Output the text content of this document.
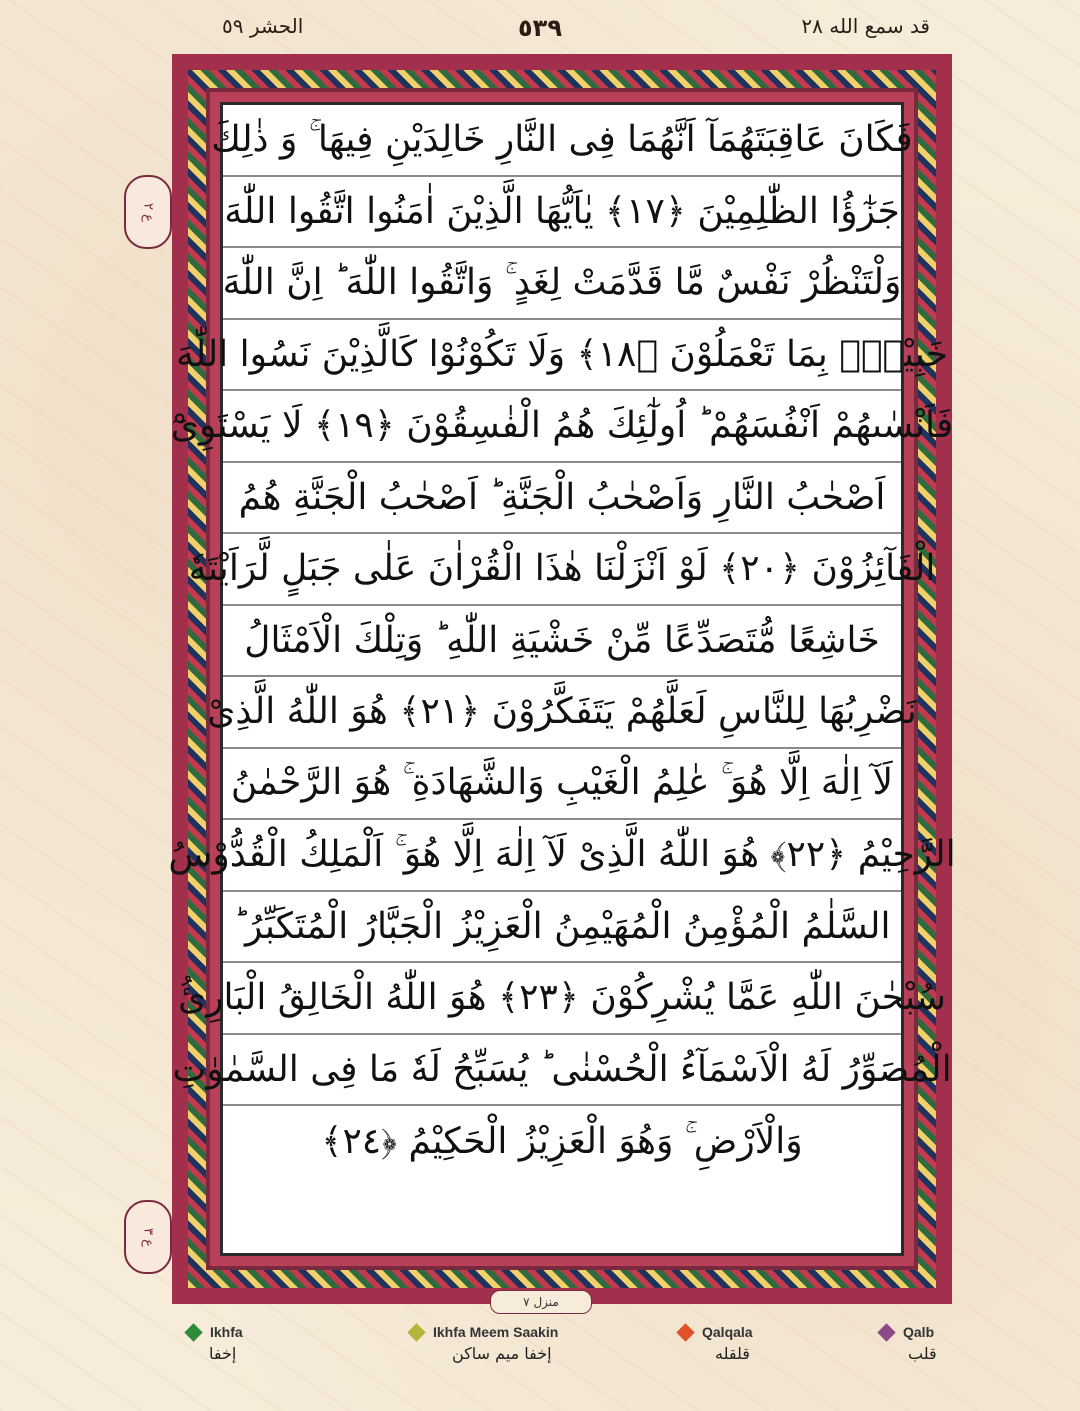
الحشر ٥٩	٥٣٩	قد سمع الله ٢٨
فَكَانَ عَاقِبَتَهُمَآ اَنَّهُمَا فِى النَّارِ خَالِدَيْنِ فِيهَا ۚ وَ ذٰلِكَ
جَزٰٓؤُا الظّٰلِمِيْنَ ﴿١٧﴾ يٰاَيُّهَا الَّذِيْنَ اٰمَنُوا اتَّقُوا اللّٰهَ
وَلْتَنْظُرْ نَفْسٌ مَّا قَدَّمَتْ لِغَدٍ ۚ وَاتَّقُوا اللّٰهَ ؕ اِنَّ اللّٰهَ
خَبِيْرٌۢ بِمَا تَعْمَلُوْنَ ﴿١٨﴾ وَلَا تَكُوْنُوْا كَالَّذِيْنَ نَسُوا اللّٰهَ
فَاَنْسٰىهُمْ اَنْفُسَهُمْ ؕ اُولٰٓئِكَ هُمُ الْفٰسِقُوْنَ ﴿١٩﴾ لَا يَسْتَوِىْٓ
اَصْحٰبُ النَّارِ وَاَصْحٰبُ الْجَنَّةِ ؕ اَصْحٰبُ الْجَنَّةِ هُمُ
الْفَآئِزُوْنَ ﴿٢٠﴾ لَوْ اَنْزَلْنَا هٰذَا الْقُرْاٰنَ عَلٰى جَبَلٍ لَّرَاَيْتَهٗ
خَاشِعًا مُّتَصَدِّعًا مِّنْ خَشْيَةِ اللّٰهِ ؕ وَتِلْكَ الْاَمْثَالُ
نَضْرِبُهَا لِلنَّاسِ لَعَلَّهُمْ يَتَفَكَّرُوْنَ ﴿٢١﴾ هُوَ اللّٰهُ الَّذِىْ
لَآ اِلٰهَ اِلَّا هُوَ ۚ عٰلِمُ الْغَيْبِ وَالشَّهَادَةِ ۚ هُوَ الرَّحْمٰنُ
الرَّحِيْمُ ﴿٢٢﴾ هُوَ اللّٰهُ الَّذِىْ لَآ اِلٰهَ اِلَّا هُوَ ۚ اَلْمَلِكُ الْقُدُّوْسُ
السَّلٰمُ الْمُؤْمِنُ الْمُهَيْمِنُ الْعَزِيْزُ الْجَبَّارُ الْمُتَكَبِّرُ ؕ
سُبْحٰنَ اللّٰهِ عَمَّا يُشْرِكُوْنَ ﴿٢٣﴾ هُوَ اللّٰهُ الْخَالِقُ الْبَارِئُ
الْمُصَوِّرُ لَهُ الْاَسْمَآءُ الْحُسْنٰى ؕ يُسَبِّحُ لَهٗ مَا فِى السَّمٰوٰتِ
وَالْاَرْضِ ۚ وَهُوَ الْعَزِيْزُ الْحَكِيْمُ ﴿٢٤﴾
ع ٢
ع ٣
منزل ٧
Ikhfa
إخفا
Ikhfa Meem Saakin
إخفا میم ساکن
Qalqala
قلقله
Qalb
قلب
